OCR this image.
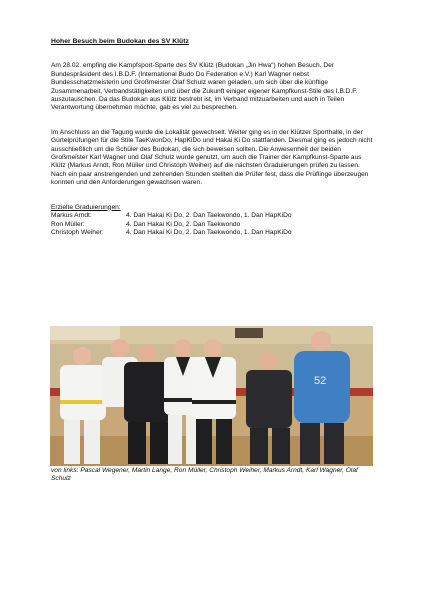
Hoher Besuch beim Budokan des SV Klütz

Am 28.02. empfing die Kampfsport-Sparte des SV Klütz (Budokan „Jin Hwa“) hohen Besuch. Der Bundespräsident des I.B.D.F. (International Budo Do Federation e.V.) Karl Wagner nebst Bundesschatzmeisterin und Großmeister Olaf Schulz waren geladen, um sich über die künftige Zusammenarbeit, Verbandstätigkeiten und über die Zukunft einiger eigener Kampfkunst-Stile des I.B.D.F. auszutauschen. Da das Budokan aus Klütz bestrebt ist, im Verband mitzuarbeiten und auch in Teilen Verantwortung übernehmen möchte, gab es viel zu besprechen.

Im Anschluss an die Tagung wurde die Lokalität gewechselt. Weiter ging es in der Klützer Sporthalle, in der Gürtelprüfungen für die Stile TaeKwonDo, HapKiDo und Hakai Ki Do stattfanden. Diesmal ging es jedoch nicht ausschließlich um die Schüler des Budokan, die sich beweisen sollten. Die Anwesenheit der beiden Großmeister Karl Wagner und Olaf Schulz wurde genutzt, um auch die Trainer der Kampfkunst-Sparte aus Klütz (Markus Arndt, Ron Müller und Christoph Weiher) auf die nächsten Graduierungen prüfen zu lassen. Nach ein paar anstrengenden und zehrenden Stunden stellten die Prüfer fest, dass die Prüflinge überzeugen konnten und den Anforderungen gewachsen waren.

Erzielte Graduierungen:

Markus Arndt:	4. Dan Hakai Ki Do, 2. Dan Taekwondo, 1. Dan HapKiDo
Ron Müller:	4. Dan Hakai Ki Do, 2. Dan Taekwondo
Christoph Weiher:	4. Dan Hakai Ki Do, 2. Dan Taekwondo, 1. Dan HapKiDo
52
von links: Pascal Wegener, Martin Lange, Ron Müller, Christoph Weiher, Markus Arndt, Karl Wagner, Olaf Schulz
